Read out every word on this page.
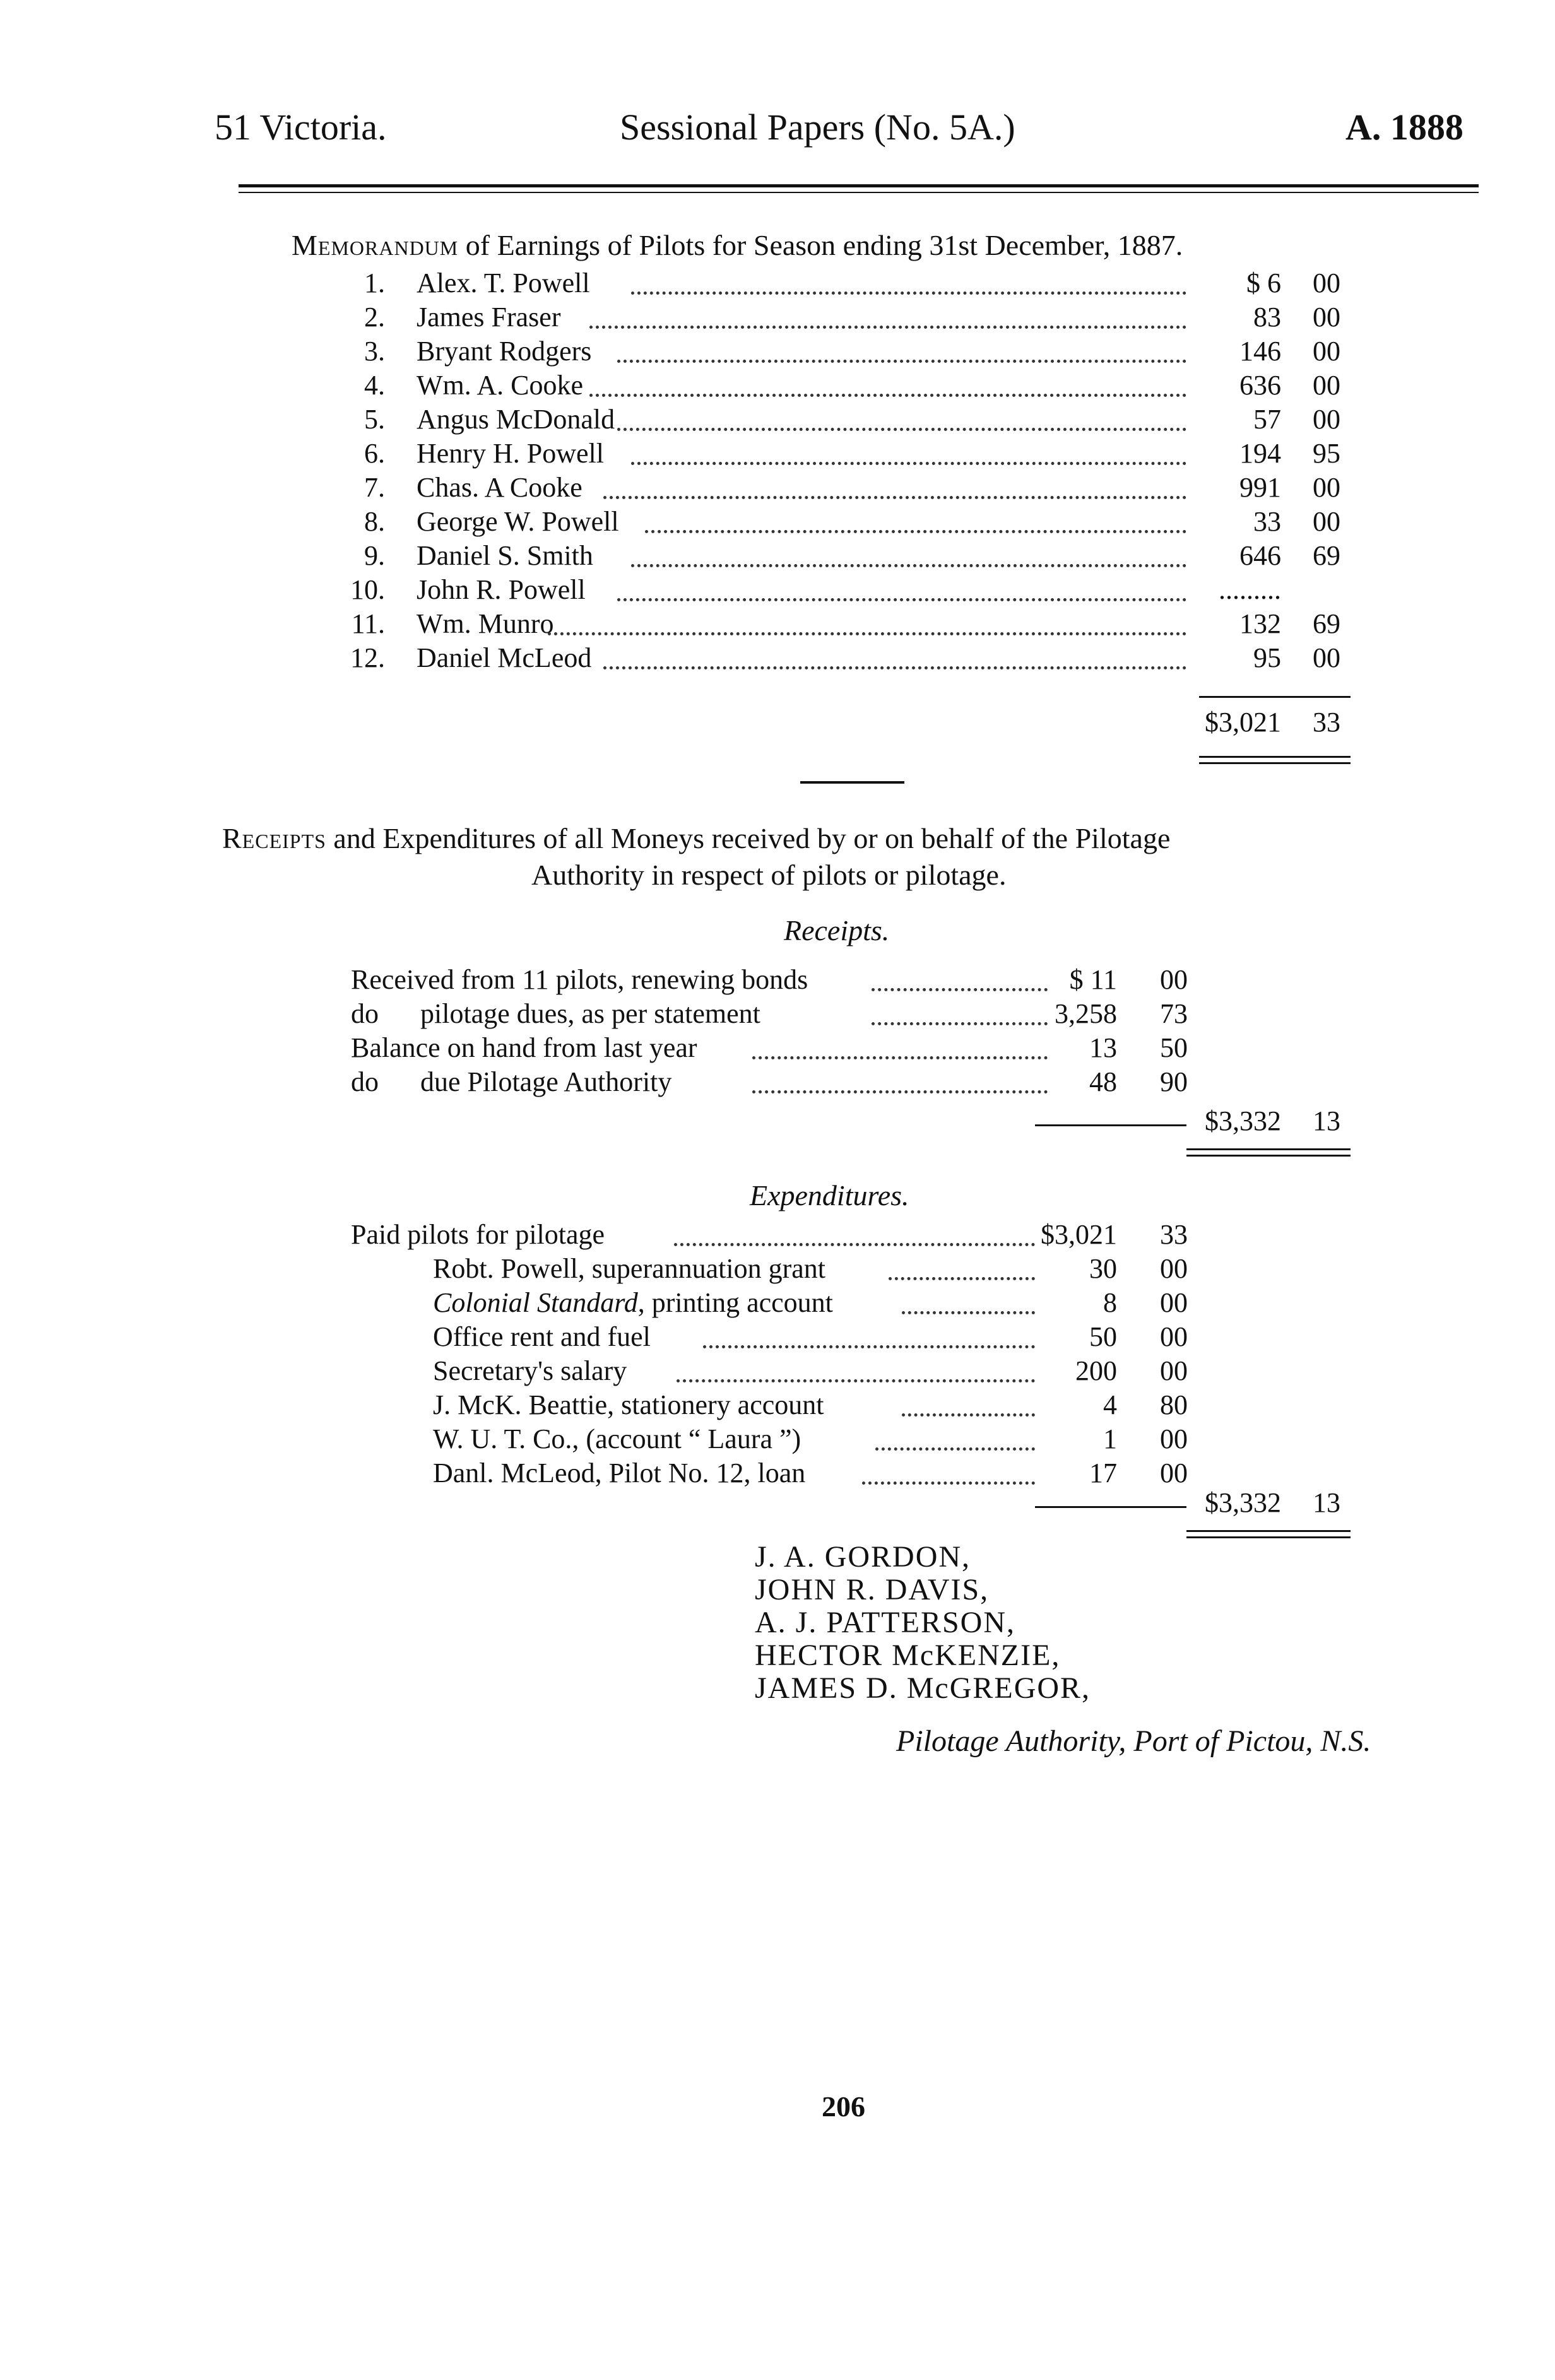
51 Victoria.	Sessional Papers (No. 5A.)	A. 1888
Memorandum of Earnings of Pilots for Season ending 31st December, 1887.
1. Alex. T. Powell	$ 6 00
2. James Fraser	83 00
3. Bryant Rodgers	146 00
4. Wm. A. Cooke	636 00
5. Angus McDonald	57 00
6. Henry H. Powell	194 95
7. Chas. A Cooke	991 00
8. George W. Powell	33 00
9. Daniel S. Smith	646 69
10. John R. Powell	.........
11. Wm. Munro	132 69
12. Daniel McLeod	95 00
$3,021 33
Receipts and Expenditures of all Moneys received by or on behalf of the Pilotage
Authority in respect of pilots or pilotage.
Receipts.
Received from 11 pilots, renewing bonds	$ 11 00
do      pilotage dues, as per statement	3,258 73
Balance on hand from last year	13 50
do      due Pilotage Authority	48 90
$3,332 13
Expenditures.
Paid pilots for pilotage	$3,021 33
Robt. Powell, superannuation grant	30 00
Colonial Standard, printing account	8 00
Office rent and fuel	50 00
Secretary's salary	200 00
J. McK. Beattie, stationery account	4 80
W. U. T. Co., (account “ Laura ”)	1 00
Danl. McLeod, Pilot No. 12, loan	17 00
$3,332 13
J. A. GORDON,
JOHN R. DAVIS,
A. J. PATTERSON,
HECTOR McKENZIE,
JAMES D. McGREGOR,
Pilotage Authority, Port of Pictou, N.S.
206
